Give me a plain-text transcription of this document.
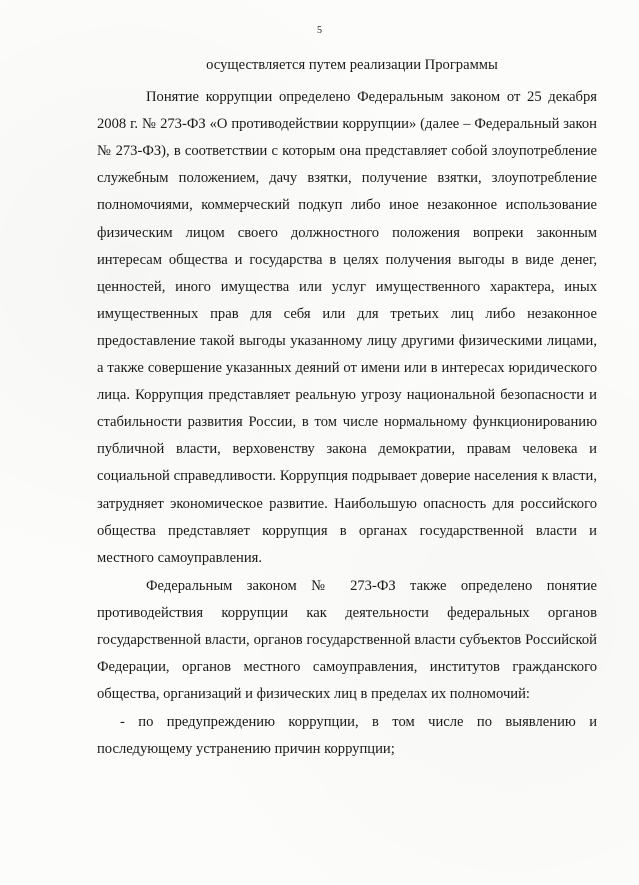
5

осуществляется путем реализации Программы

Понятие коррупции определено Федеральным законом от 25 декабря 2008 г. № 273-ФЗ «О противодействии коррупции» (далее – Федеральный закон № 273-ФЗ), в соответствии с которым она представляет собой злоупотребление служебным положением, дачу взятки, получение взятки, злоупотребление полномочиями, коммерческий подкуп либо иное незаконное использование физическим лицом своего должностного положения вопреки законным интересам общества и государства в целях получения выгоды в виде денег, ценностей, иного имущества или услуг имущественного характера, иных имущественных прав для себя или для третьих лиц либо незаконное предоставление такой выгоды указанному лицу другими физическими лицами, а также совершение указанных деяний от имени или в интересах юридического лица. Коррупция представляет реальную угрозу национальной безопасности и стабильности развития России, в том числе нормальному функционированию публичной власти, верховенству закона демократии, правам человека и социальной справедливости. Коррупция подрывает доверие населения к власти, затрудняет экономическое развитие. Наибольшую опасность для российского общества представляет коррупция в органах государственной власти и местного самоуправления.

Федеральным законом № 273-ФЗ также определено понятие противодействия коррупции как деятельности федеральных органов государственной власти, органов государственной власти субъектов Российской Федерации, органов местного самоуправления, институтов гражданского общества, организаций и физических лиц в пределах их полномочий:

- по предупреждению коррупции, в том числе по выявлению и последующему устранению причин коррупции;
